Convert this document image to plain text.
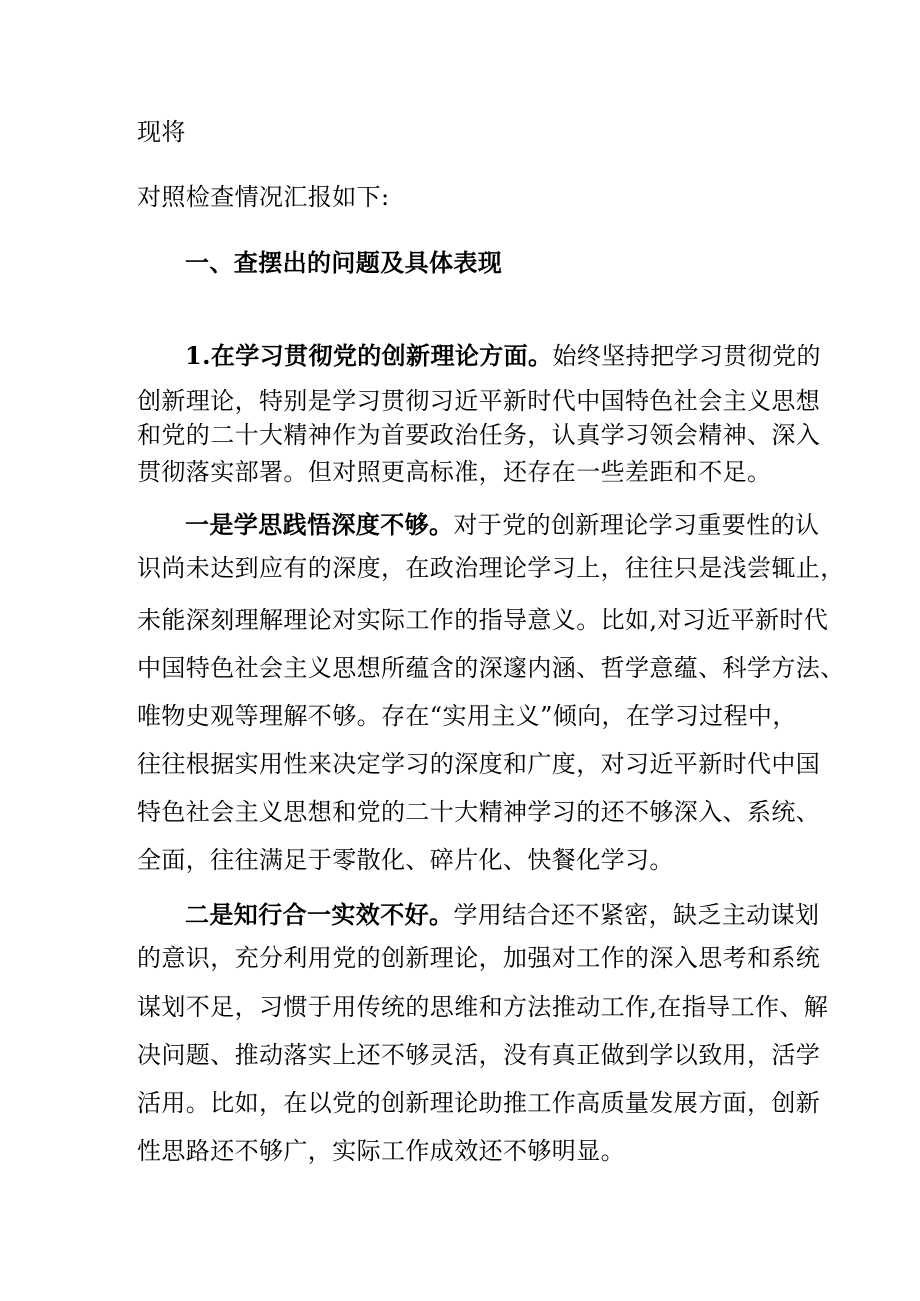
现将
对照检查情况汇报如下:
一、查摆出的问题及具体表现
1.在学习贯彻党的创新理论方面。始终坚持把学习贯彻党的
创新理论，特别是学习贯彻习近平新时代中国特色社会主义思想
和党的二十大精神作为首要政治任务，认真学习领会精神、深入
贯彻落实部署。但对照更高标准，还存在一些差距和不足。
一是学思践悟深度不够。对于党的创新理论学习重要性的认
识尚未达到应有的深度，在政治理论学习上，往往只是浅尝辄止，
未能深刻理解理论对实际工作的指导意义。比如,对习近平新时代
中国特色社会主义思想所蕴含的深邃内涵、哲学意蕴、科学方法、
唯物史观等理解不够。存在“实用主义”倾向，在学习过程中，
往往根据实用性来决定学习的深度和广度，对习近平新时代中国
特色社会主义思想和党的二十大精神学习的还不够深入、系统、
全面，往往满足于零散化、碎片化、快餐化学习。
二是知行合一实效不好。学用结合还不紧密，缺乏主动谋划
的意识，充分利用党的创新理论，加强对工作的深入思考和系统
谋划不足，习惯于用传统的思维和方法推动工作,在指导工作、解
决问题、推动落实上还不够灵活，没有真正做到学以致用，活学
活用。比如，在以党的创新理论助推工作高质量发展方面，创新
性思路还不够广，实际工作成效还不够明显。
